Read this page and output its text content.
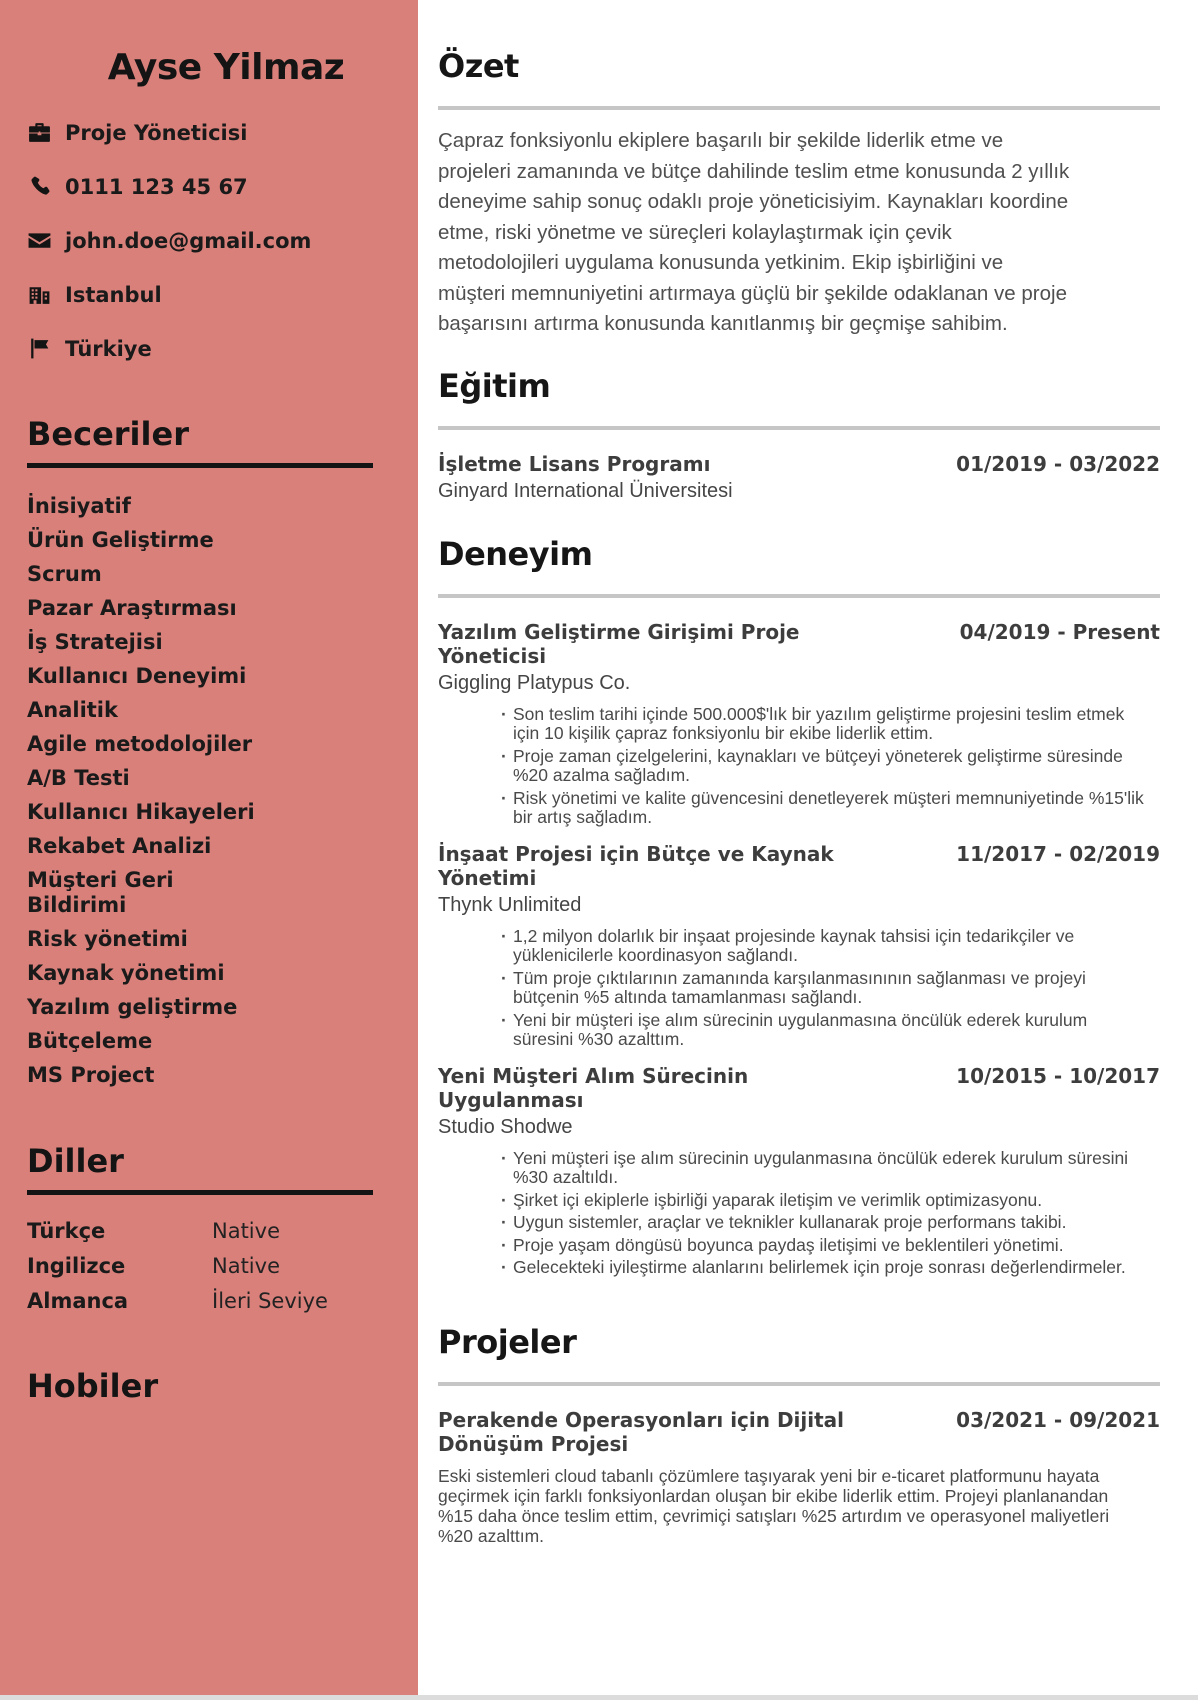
Ayse Yilmaz
Proje Yöneticisi
0111 123 45 67
john.doe@gmail.com
Istanbul
Türkiye
Beceriler
İnisiyatif
Ürün Geliştirme
Scrum
Pazar Araştırması
İş Stratejisi
Kullanıcı Deneyimi
Analitik
Agile metodolojiler
A/B Testi
Kullanıcı Hikayeleri
Rekabet Analizi
Müşteri Geri Bildirimi
Risk yönetimi
Kaynak yönetimi
Yazılım geliştirme
Bütçeleme
MS Project
Diller
Türkçe	Native
Ingilizce	Native
Almanca	İleri Seviye
Hobiler
Özet

Çapraz fonksiyonlu ekiplere başarılı bir şekilde liderlik etme ve projeleri zamanında ve bütçe dahilinde teslim etme konusunda 2 yıllık deneyime sahip sonuç odaklı proje yöneticisiyim. Kaynakları koordine etme, riski yönetme ve süreçleri kolaylaştırmak için çevik metodolojileri uygulama konusunda yetkinim. Ekip işbirliğini ve müşteri memnuniyetini artırmaya güçlü bir şekilde odaklanan ve proje başarısını artırma konusunda kanıtlanmış bir geçmişe sahibim.

Eğitim
İşletme Lisans Programı	01/2019 - 03/2022
Ginyard International Üniversitesi
Deneyim
Yazılım Geliştirme Girişimi Proje Yöneticisi
04/2019 - Present
Giggling Platypus Co.
· Son teslim tarihi içinde 500.000$'lık bir yazılım geliştirme projesini teslim etmek için 10 kişilik çapraz fonksiyonlu bir ekibe liderlik ettim.
· Proje zaman çizelgelerini, kaynakları ve bütçeyi yöneterek geliştirme süresinde %20 azalma sağladım.
· Risk yönetimi ve kalite güvencesini denetleyerek müşteri memnuniyetinde %15'lik bir artış sağladım.
İnşaat Projesi için Bütçe ve Kaynak Yönetimi
11/2017 - 02/2019
Thynk Unlimited
· 1,2 milyon dolarlık bir inşaat projesinde kaynak tahsisi için tedarikçiler ve yüklenicilerle koordinasyon sağlandı.
· Tüm proje çıktılarının zamanında karşılanmasınının sağlanması ve projeyi bütçenin %5 altında tamamlanması sağlandı.
· Yeni bir müşteri işe alım sürecinin uygulanmasına öncülük ederek kurulum süresini %30 azalttım.
Yeni Müşteri Alım Sürecinin Uygulanması
10/2015 - 10/2017
Studio Shodwe
· Yeni müşteri işe alım sürecinin uygulanmasına öncülük ederek kurulum süresini %30 azaltıldı.
· Şirket içi ekiplerle işbirliği yaparak iletişim ve verimlik optimizasyonu.
· Uygun sistemler, araçlar ve teknikler kullanarak proje performans takibi.
· Proje yaşam döngüsü boyunca paydaş iletişimi ve beklentileri yönetimi.
· Gelecekteki iyileştirme alanlarını belirlemek için proje sonrası değerlendirmeler.
Projeler
Perakende Operasyonları için Dijital Dönüşüm Projesi
03/2021 - 09/2021

Eski sistemleri cloud tabanlı çözümlere taşıyarak yeni bir e-ticaret platformunu hayata geçirmek için farklı fonksiyonlardan oluşan bir ekibe liderlik ettim. Projeyi planlanandan %15 daha önce teslim ettim, çevrimiçi satışları %25 artırdım ve operasyonel maliyetleri %20 azalttım.
